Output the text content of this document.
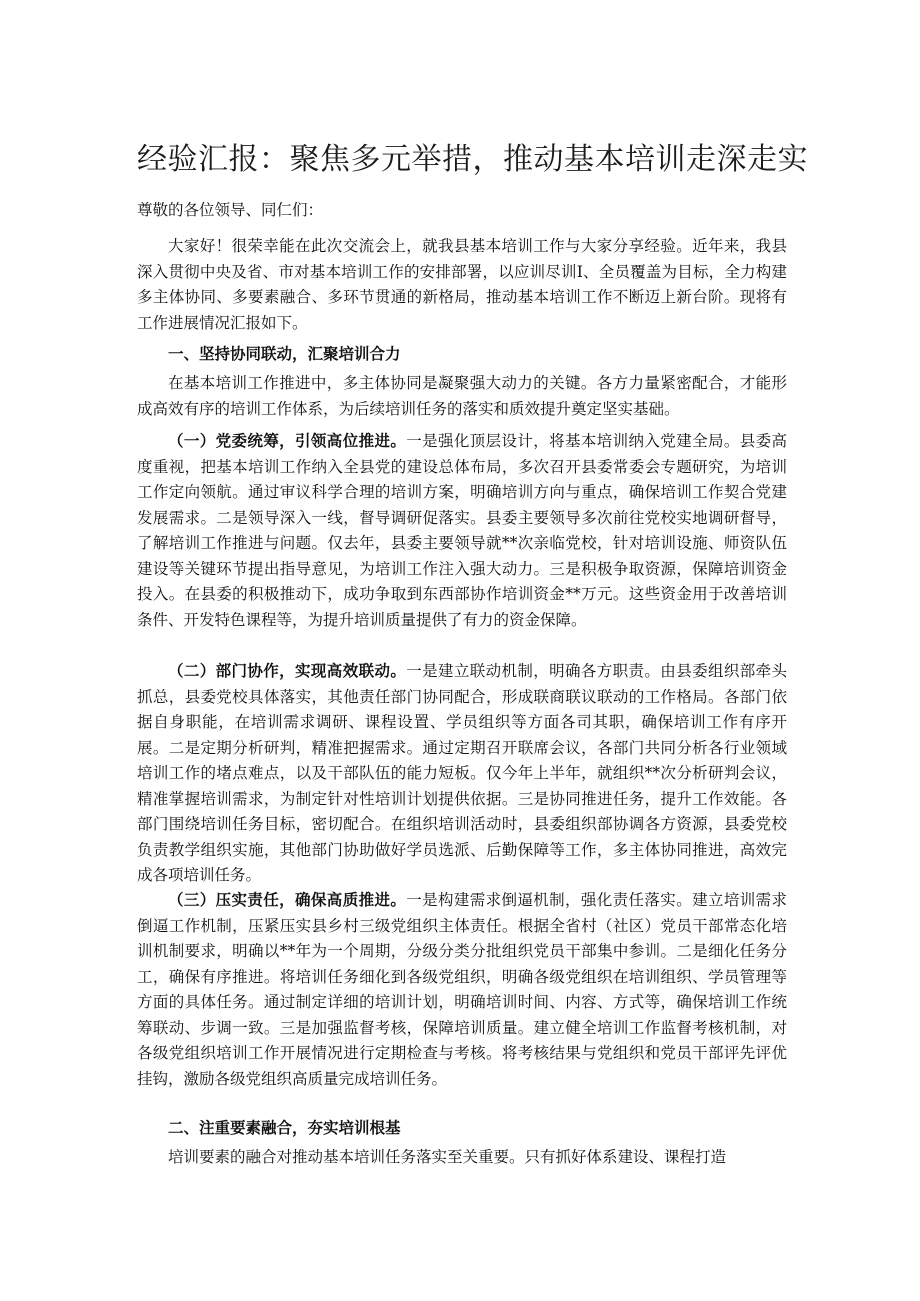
经验汇报：聚焦多元举措，推动基本培训走深走实

尊敬的各位领导、同仁们：

大家好！很荣幸能在此次交流会上，就我县基本培训工作与大家分享经验。近年来，我县深入贯彻中央及省、市对基本培训工作的安排部署，以应训尽训I、全员覆盖为目标，全力构建多主体协同、多要素融合、多环节贯通的新格局，推动基本培训工作不断迈上新台阶。现将有工作进展情况汇报如下。

一、坚持协同联动，汇聚培训合力

在基本培训工作推进中，多主体协同是凝聚强大动力的关键。各方力量紧密配合，才能形成高效有序的培训工作体系，为后续培训任务的落实和质效提升奠定坚实基础。

（一）党委统筹，引领高位推进。一是强化顶层设计，将基本培训纳入党建全局。县委高度重视，把基本培训工作纳入全县党的建设总体布局，多次召开县委常委会专题研究，为培训工作定向领航。通过审议科学合理的培训方案，明确培训方向与重点，确保培训工作契合党建发展需求。二是领导深入一线，督导调研促落实。县委主要领导多次前往党校实地调研督导，了解培训工作推进与问题。仅去年，县委主要领导就**次亲临党校，针对培训设施、师资队伍建设等关键环节提出指导意见，为培训工作注入强大动力。三是积极争取资源，保障培训资金投入。在县委的积极推动下，成功争取到东西部协作培训资金**万元。这些资金用于改善培训条件、开发特色课程等，为提升培训质量提供了有力的资金保障。

（二）部门协作，实现高效联动。一是建立联动机制，明确各方职责。由县委组织部牵头抓总，县委党校具体落实，其他责任部门协同配合，形成联商联议联动的工作格局。各部门依据自身职能，在培训需求调研、课程设置、学员组织等方面各司其职，确保培训工作有序开展。二是定期分析研判，精准把握需求。通过定期召开联席会议，各部门共同分析各行业领域培训工作的堵点难点，以及干部队伍的能力短板。仅今年上半年，就组织**次分析研判会议，精准掌握培训需求，为制定针对性培训计划提供依据。三是协同推进任务，提升工作效能。各部门围绕培训任务目标，密切配合。在组织培训活动时，县委组织部协调各方资源，县委党校负责教学组织实施，其他部门协助做好学员选派、后勤保障等工作，多主体协同推进，高效完成各项培训任务。

（三）压实责任，确保高质推进。一是构建需求倒逼机制，强化责任落实。建立培训需求倒逼工作机制，压紧压实县乡村三级党组织主体责任。根据全省村（社区）党员干部常态化培训机制要求，明确以**年为一个周期，分级分类分批组织党员干部集中参训。二是细化任务分工，确保有序推进。将培训任务细化到各级党组织，明确各级党组织在培训组织、学员管理等方面的具体任务。通过制定详细的培训计划，明确培训时间、内容、方式等，确保培训工作统筹联动、步调一致。三是加强监督考核，保障培训质量。建立健全培训工作监督考核机制，对各级党组织培训工作开展情况进行定期检查与考核。将考核结果与党组织和党员干部评先评优挂钩，激励各级党组织高质量完成培训任务。

二、注重要素融合，夯实培训根基

培训要素的融合对推动基本培训任务落实至关重要。只有抓好体系建设、课程打造
